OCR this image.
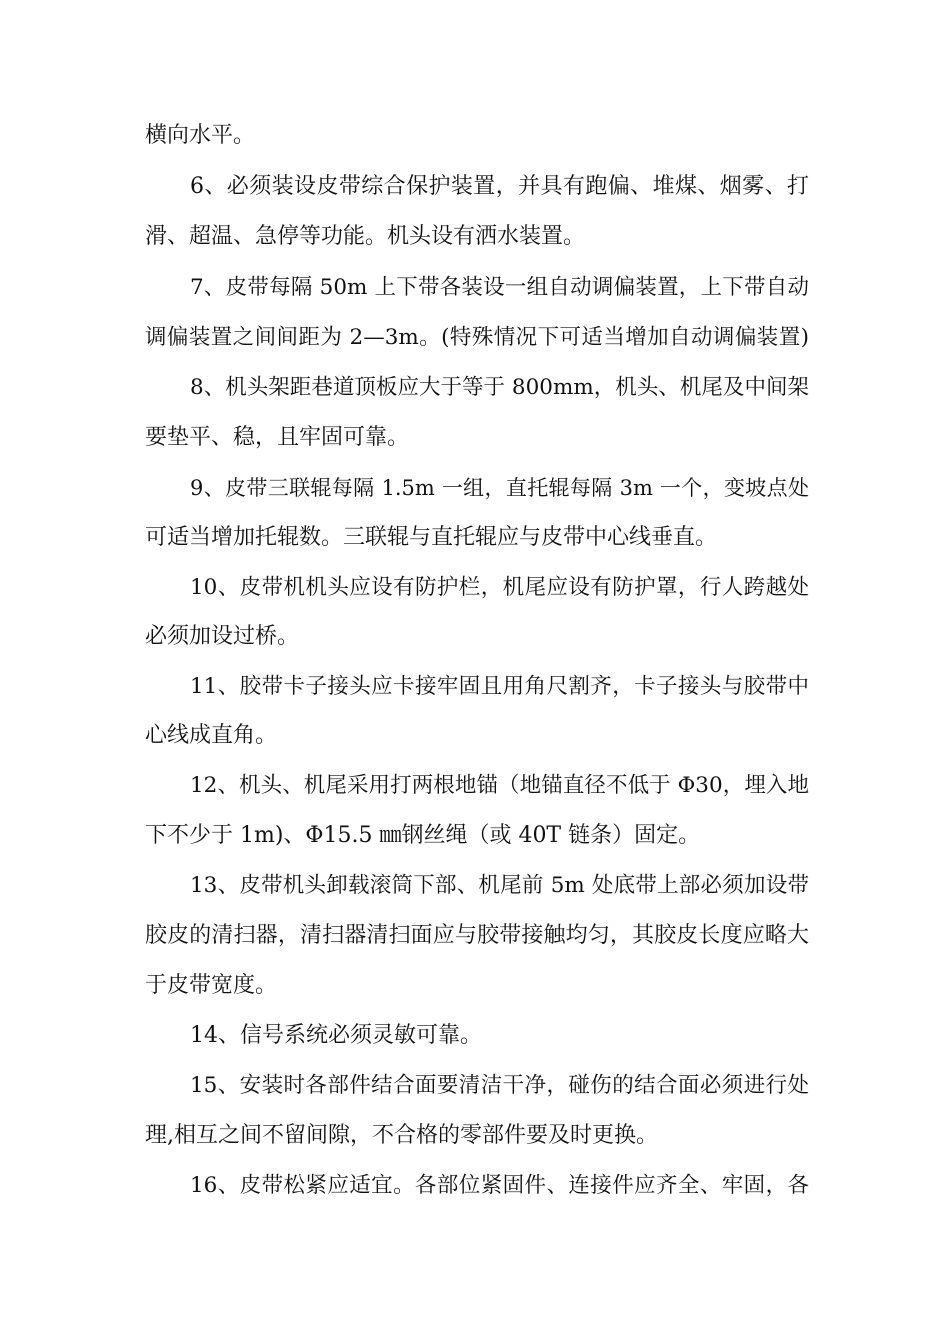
横向水平。
6、必须装设皮带综合保护装置，并具有跑偏、堆煤、烟雾、打
滑、超温、急停等功能。机头设有洒水装置。
7、皮带每隔 50m 上下带各装设一组自动调偏装置，上下带自动
调偏装置之间间距为 2—3m。(特殊情况下可适当增加自动调偏装置)
8、机头架距巷道顶板应大于等于 800mm，机头、机尾及中间架
要垫平、稳，且牢固可靠。
9、皮带三联辊每隔 1.5m 一组，直托辊每隔 3m 一个，变坡点处
可适当增加托辊数。三联辊与直托辊应与皮带中心线垂直。
10、皮带机机头应设有防护栏，机尾应设有防护罩，行人跨越处
必须加设过桥。
11、胶带卡子接头应卡接牢固且用角尺割齐，卡子接头与胶带中
心线成直角。
12、机头、机尾采用打两根地锚（地锚直径不低于 Φ30，埋入地
下不少于 1m)、Φ15.5 ㎜钢丝绳（或 40T 链条）固定。
13、皮带机头卸载滚筒下部、机尾前 5m 处底带上部必须加设带
胶皮的清扫器，清扫器清扫面应与胶带接触均匀，其胶皮长度应略大
于皮带宽度。
14、信号系统必须灵敏可靠。
15、安装时各部件结合面要清洁干净，碰伤的结合面必须进行处
理,相互之间不留间隙，不合格的零部件要及时更换。
16、皮带松紧应适宜。各部位紧固件、连接件应齐全、牢固，各
